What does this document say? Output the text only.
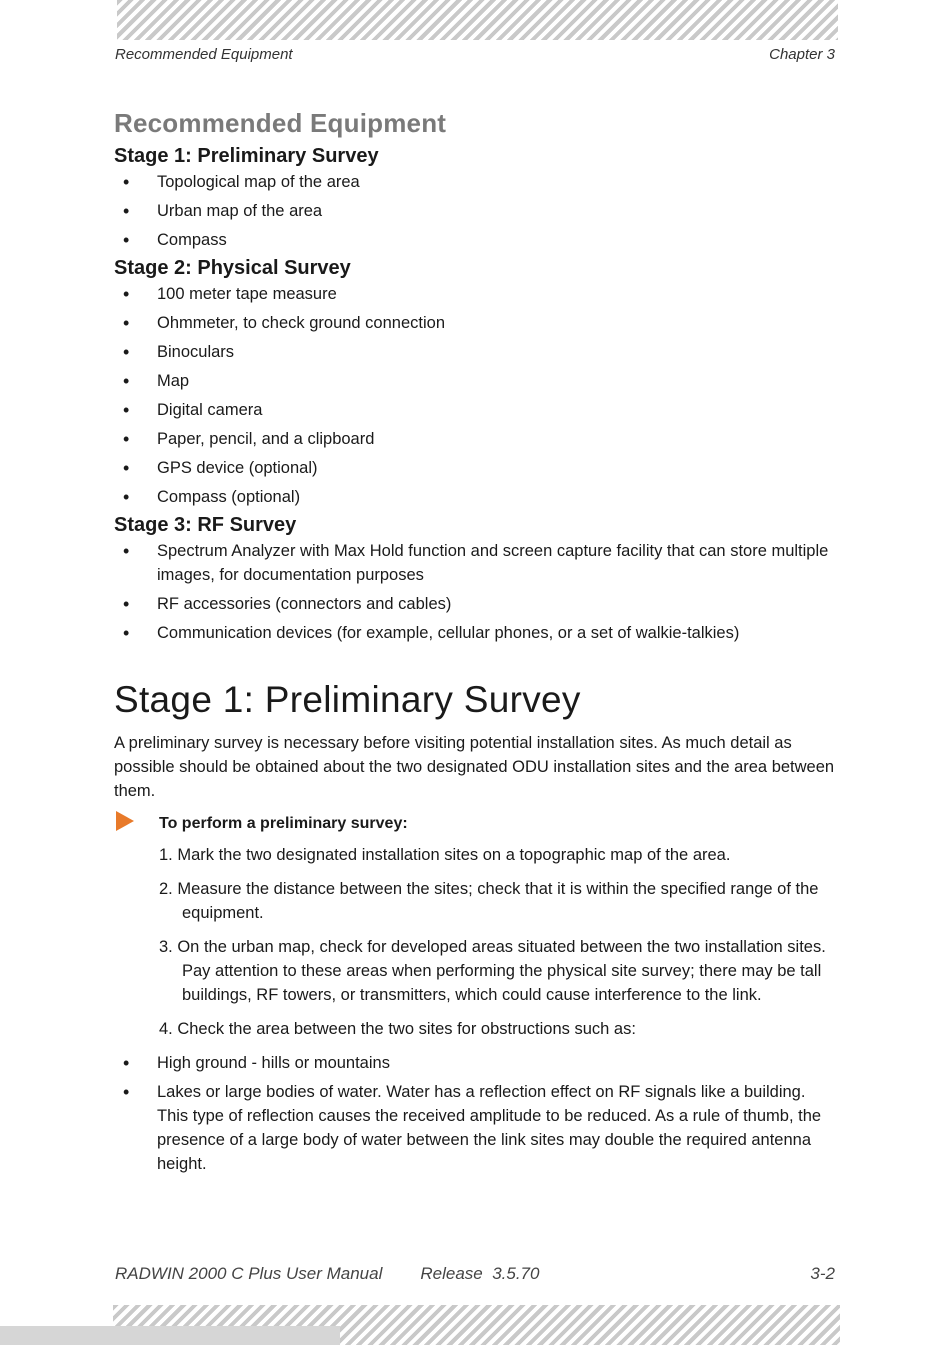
Recommended Equipment	Chapter 3
Recommended Equipment
Stage 1: Preliminary Survey
• Topological map of the area
• Urban map of the area
• Compass
Stage 2: Physical Survey
• 100 meter tape measure
• Ohmmeter, to check ground connection
• Binoculars
• Map
• Digital camera
• Paper, pencil, and a clipboard
• GPS device (optional)
• Compass (optional)
Stage 3: RF Survey
• Spectrum Analyzer with Max Hold function and screen capture facility that can store multiple images, for documentation purposes
• RF accessories (connectors and cables)
• Communication devices (for example, cellular phones, or a set of walkie-talkies)
Stage 1: Preliminary Survey

A preliminary survey is necessary before visiting potential installation sites. As much detail as possible should be obtained about the two designated ODU installation sites and the area between them.

To perform a preliminary survey:
1. Mark the two designated installation sites on a topographic map of the area.
2. Measure the distance between the sites; check that it is within the specified range of the equipment.
3. On the urban map, check for developed areas situated between the two installation sites. Pay attention to these areas when performing the physical site survey; there may be tall buildings, RF towers, or transmitters, which could cause interference to the link.
4. Check the area between the two sites for obstructions such as:
• High ground - hills or mountains
• Lakes or large bodies of water. Water has a reflection effect on RF signals like a building. This type of reflection causes the received amplitude to be reduced. As a rule of thumb, the presence of a large body of water between the link sites may double the required antenna height.
RADWIN 2000 C Plus User Manual Release  3.5.70	3-2
